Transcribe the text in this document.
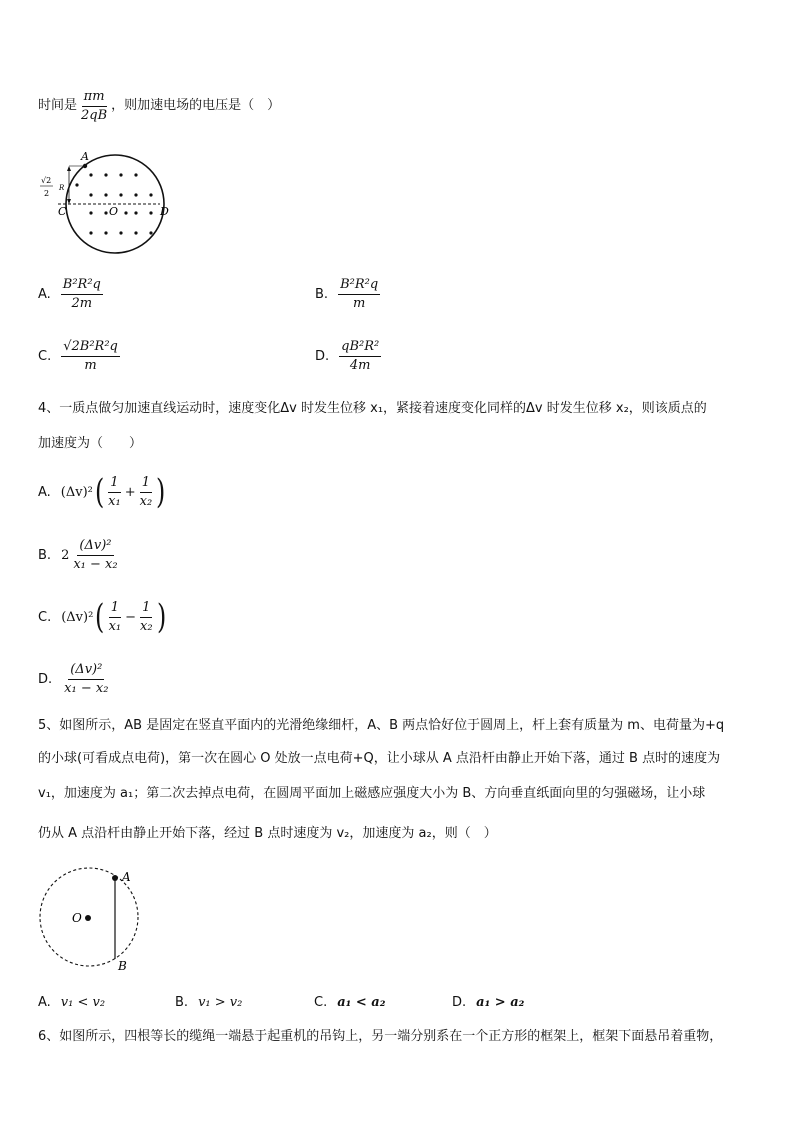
时间是 $\frac{\pi m}{2qB}$ ，则加速电场的电压是（　）
A
C	O	D
R
√2
2
A. $\frac{\text{B²R²q}}{2m}$	B. $\frac{\text{B²R²q}}{m}$
C. $\frac{\text{√2B²R²q}}{m}$	D. $\frac{\text{qB²R²}}{4m}$
4、一质点做匀加速直线运动时，速度变化Δv 时发生位移 x₁，紧接着速度变化同样的Δv 时发生位移 x₂，则该质点的
加速度为（　　）
A. (Δv)² ( $\frac{1}{\text{x₁}} + \frac{1}{\text{x₂}}$ )
B. $2 \frac{\text{(Δv)²}}{\text{x₁ − x₂}}$
C. (Δv)² ( $\frac{1}{\text{x₁}} - \frac{1}{\text{x₂}}$ )
D. $\frac{\text{(Δv)²}}{\text{x₁ − x₂}}$
5、如图所示，AB 是固定在竖直平面内的光滑绝缘细杆，A、B 两点恰好位于圆周上，杆上套有质量为 m、电荷量为+q
的小球(可看成点电荷)，第一次在圆心 O 处放一点电荷+Q，让小球从 A 点沿杆由静止开始下落，通过 B 点时的速度为
v₁，加速度为 a₁；第二次去掉点电荷，在圆周平面加上磁感应强度大小为 B、方向垂直纸面向里的匀强磁场，让小球
仍从 A 点沿杆由静止开始下落，经过 B 点时速度为 v₂，加速度为 a₂，则（　）
A
B
O
A. v₁ < v₂	B. v₁ > v₂	C. a₁ < a₂	D. a₁ > a₂
6、如图所示，四根等长的缆绳一端悬于起重机的吊钩上，另一端分别系在一个正方形的框架上，框架下面悬吊着重物，
